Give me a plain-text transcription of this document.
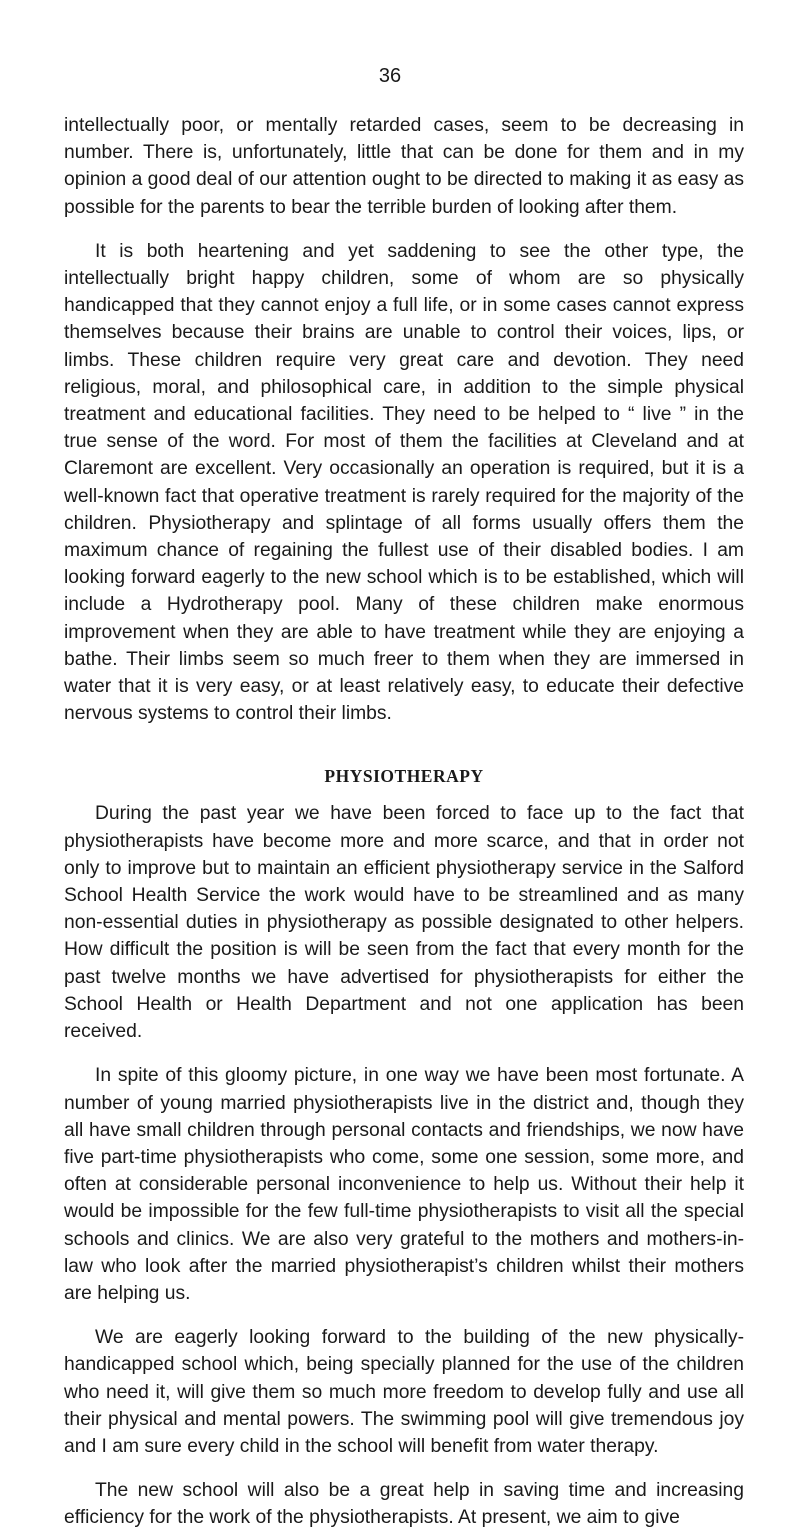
36

intellectually poor, or mentally retarded cases, seem to be decreasing in number. There is, unfortunately, little that can be done for them and in my opinion a good deal of our attention ought to be directed to making it as easy as possible for the parents to bear the terrible burden of looking after them.

It is both heartening and yet saddening to see the other type, the intellectually bright happy children, some of whom are so physically handicapped that they cannot enjoy a full life, or in some cases cannot express themselves because their brains are unable to control their voices, lips, or limbs. These children require very great care and devotion. They need religious, moral, and philosophical care, in addition to the simple physical treatment and educational facilities. They need to be helped to “ live ” in the true sense of the word. For most of them the facilities at Cleveland and at Claremont are excellent. Very occasionally an operation is required, but it is a well-known fact that operative treatment is rarely required for the majority of the children. Physiotherapy and splintage of all forms usually offers them the maximum chance of regaining the fullest use of their disabled bodies. I am looking forward eagerly to the new school which is to be established, which will include a Hydrotherapy pool. Many of these children make enormous improvement when they are able to have treatment while they are enjoying a bathe. Their limbs seem so much freer to them when they are immersed in water that it is very easy, or at least relatively easy, to educate their defective nervous systems to control their limbs.

PHYSIOTHERAPY

During the past year we have been forced to face up to the fact that physiotherapists have become more and more scarce, and that in order not only to improve but to maintain an efficient physiotherapy service in the Salford School Health Service the work would have to be streamlined and as many non-essential duties in physiotherapy as possible designated to other helpers. How difficult the position is will be seen from the fact that every month for the past twelve months we have advertised for physiotherapists for either the School Health or Health Department and not one application has been received.

In spite of this gloomy picture, in one way we have been most fortunate. A number of young married physiotherapists live in the district and, though they all have small children through personal contacts and friendships, we now have five part-time physiotherapists who come, some one session, some more, and often at considerable personal inconvenience to help us. Without their help it would be impossible for the few full-time physiotherapists to visit all the special schools and clinics. We are also very grateful to the mothers and mothers-in-law who look after the married physiotherapist’s children whilst their mothers are helping us.

We are eagerly looking forward to the building of the new physically-handicapped school which, being specially planned for the use of the children who need it, will give them so much more freedom to develop fully and use all their physical and mental powers. The swimming pool will give tremendous joy and I am sure every child in the school will benefit from water therapy.

The new school will also be a great help in saving time and increasing efficiency for the work of the physiotherapists. At present, we aim to give
